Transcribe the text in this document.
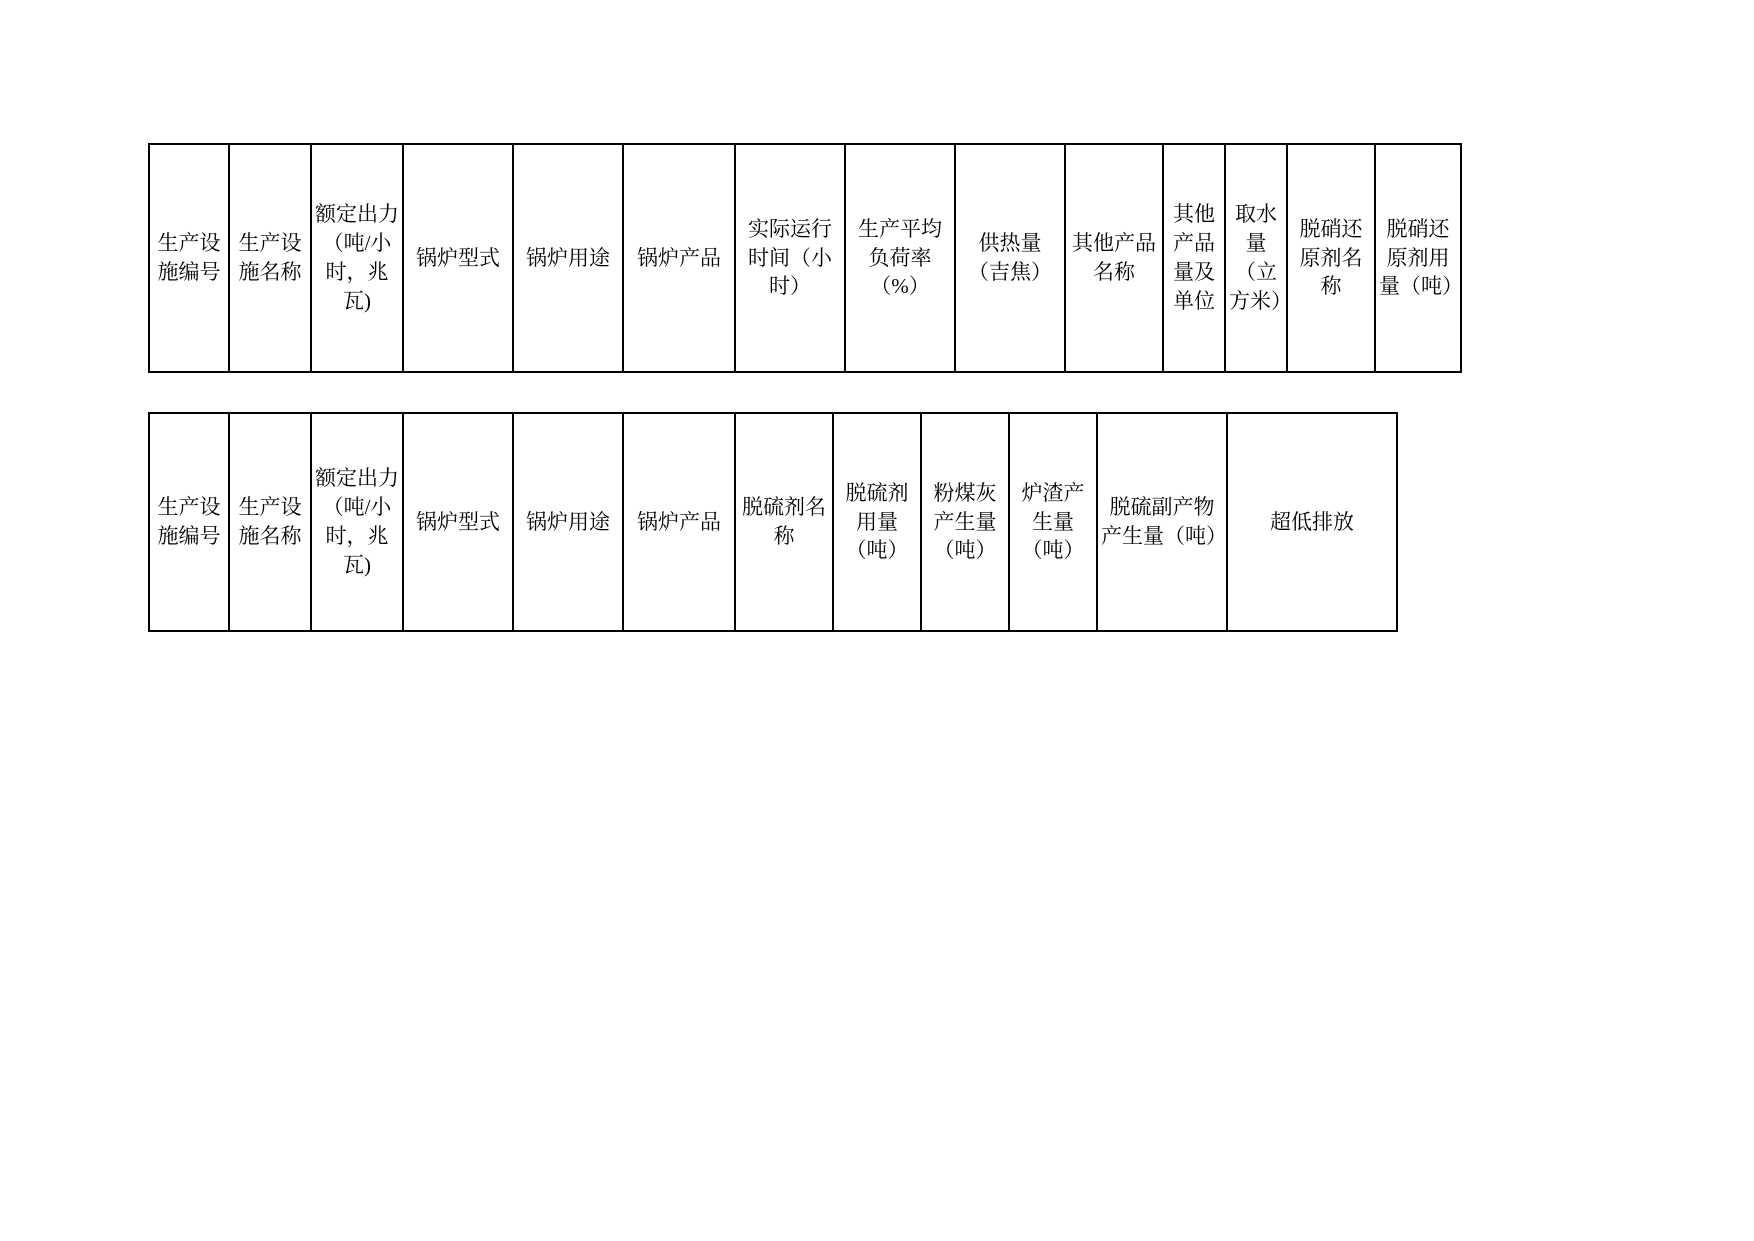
生产设施编号	生产设施名称	额定出力（吨/小时，兆瓦)	锅炉型式	锅炉用途	锅炉产品	实际运行时间（小时）	生产平均负荷率（%）	供热量（吉焦）	其他产品名称	其他产品量及单位	取水量（立方米）	脱硝还原剂名称	脱硝还原剂用量（吨）
生产设施编号	生产设施名称	额定出力（吨/小时，兆瓦)	锅炉型式	锅炉用途	锅炉产品	脱硫剂名称	脱硫剂用量（吨）	粉煤灰产生量（吨）	炉渣产生量（吨）	脱硫副产物产生量（吨）	超低排放
